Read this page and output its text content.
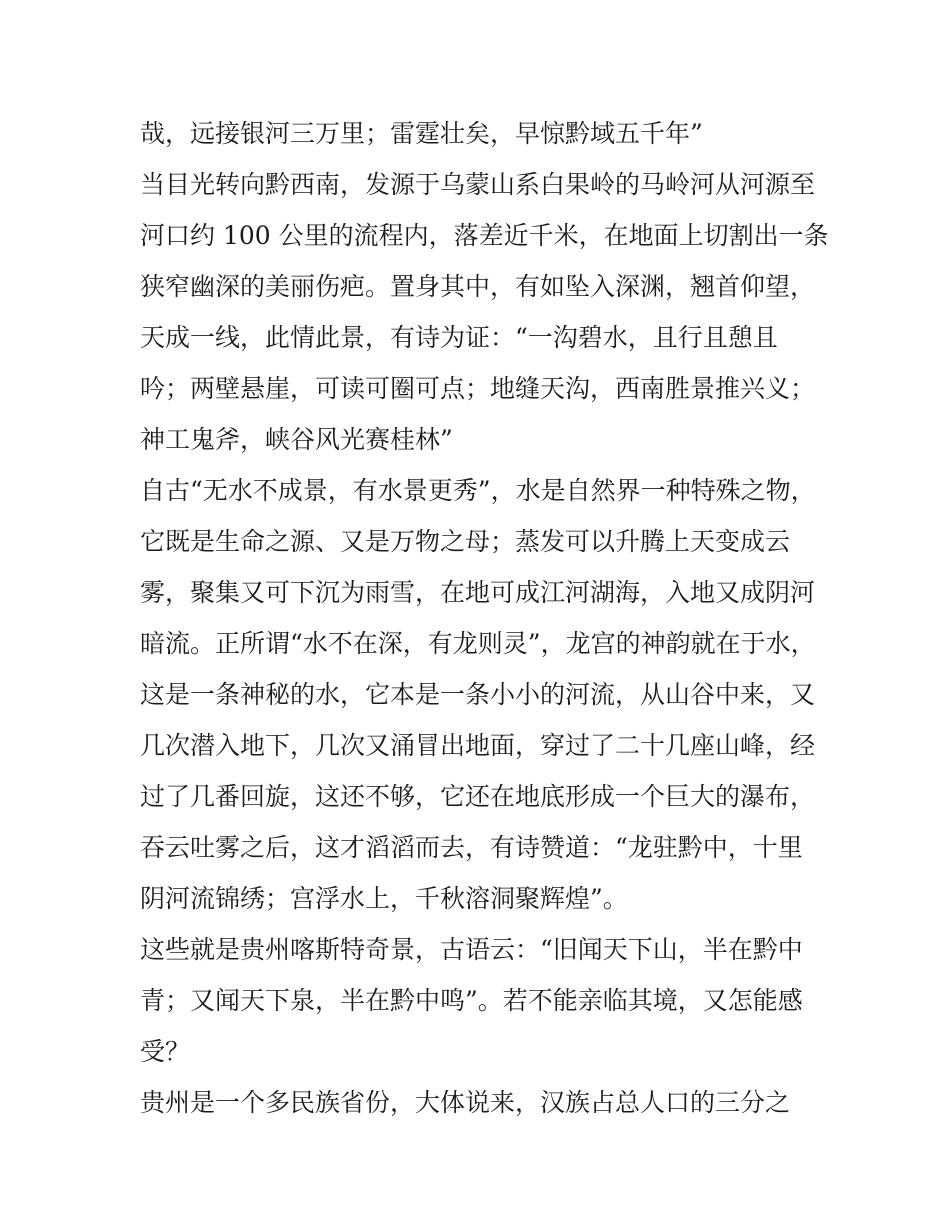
哉，远接银河三万里；雷霆壮矣，早惊黔域五千年”
当目光转向黔西南，发源于乌蒙山系白果岭的马岭河从河源至
河口约 100 公里的流程内，落差近千米，在地面上切割出一条
狭窄幽深的美丽伤疤。置身其中，有如坠入深渊，翘首仰望，
天成一线，此情此景，有诗为证：“一沟碧水，且行且憩且
吟；两壁悬崖，可读可圈可点；地缝天沟，西南胜景推兴义；
神工鬼斧，峡谷风光赛桂林”
自古“无水不成景，有水景更秀”，水是自然界一种特殊之物，
它既是生命之源、又是万物之母；蒸发可以升腾上天变成云
雾，聚集又可下沉为雨雪，在地可成江河湖海，入地又成阴河
暗流。正所谓“水不在深，有龙则灵”，龙宫的神韵就在于水，
这是一条神秘的水，它本是一条小小的河流，从山谷中来，又
几次潜入地下，几次又涌冒出地面，穿过了二十几座山峰，经
过了几番回旋，这还不够，它还在地底形成一个巨大的瀑布，
吞云吐雾之后，这才滔滔而去，有诗赞道：“龙驻黔中，十里
阴河流锦绣；宫浮水上，千秋溶洞聚辉煌”。
这些就是贵州喀斯特奇景，古语云：“旧闻天下山，半在黔中
青；又闻天下泉，半在黔中鸣”。若不能亲临其境，又怎能感
受？
贵州是一个多民族省份，大体说来，汉族占总人口的三分之
